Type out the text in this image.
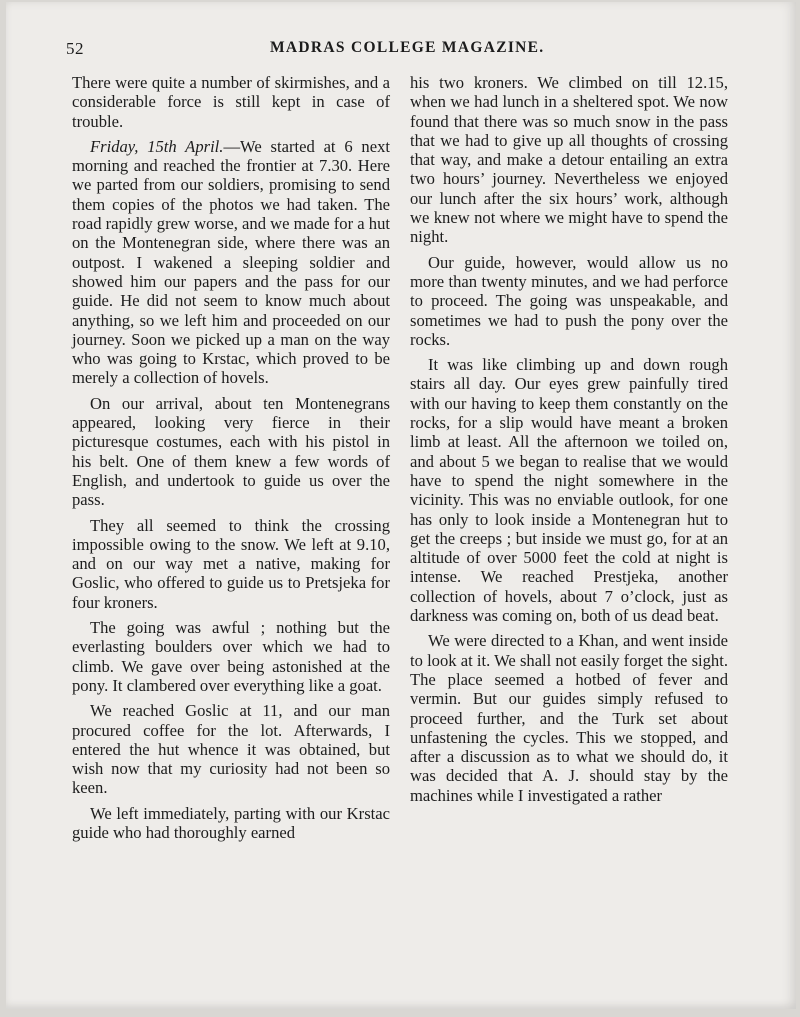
52	MADRAS COLLEGE MAGAZINE.

There were quite a number of skirmishes, and a considerable force is still kept in case of trouble.

Friday, 15th April.—We started at 6 next morning and reached the frontier at 7.30. Here we parted from our soldiers, promising to send them copies of the photos we had taken. The road rapidly grew worse, and we made for a hut on the Montenegran side, where there was an outpost. I wakened a sleeping soldier and showed him our papers and the pass for our guide. He did not seem to know much about anything, so we left him and proceeded on our journey. Soon we picked up a man on the way who was going to Krstac, which proved to be merely a collection of hovels.

On our arrival, about ten Montenegrans appeared, looking very fierce in their picturesque costumes, each with his pistol in his belt. One of them knew a few words of English, and undertook to guide us over the pass.

They all seemed to think the crossing impossible owing to the snow. We left at 9.10, and on our way met a native, making for Goslic, who offered to guide us to Pretsjeka for four kroners.

The going was awful ; nothing but the everlasting boulders over which we had to climb. We gave over being astonished at the pony. It clambered over everything like a goat.

We reached Goslic at 11, and our man procured coffee for the lot. Afterwards, I entered the hut whence it was obtained, but wish now that my curiosity had not been so keen.

We left immediately, parting with our Krstac guide who had thoroughly earned

his two kroners. We climbed on till 12.15, when we had lunch in a sheltered spot. We now found that there was so much snow in the pass that we had to give up all thoughts of crossing that way, and make a detour entailing an extra two hours’ journey. Nevertheless we enjoyed our lunch after the six hours’ work, although we knew not where we might have to spend the night.

Our guide, however, would allow us no more than twenty minutes, and we had perforce to proceed. The going was unspeakable, and sometimes we had to push the pony over the rocks.

It was like climbing up and down rough stairs all day. Our eyes grew painfully tired with our having to keep them constantly on the rocks, for a slip would have meant a broken limb at least. All the afternoon we toiled on, and about 5 we began to realise that we would have to spend the night somewhere in the vicinity. This was no enviable outlook, for one has only to look inside a Montenegran hut to get the creeps ; but inside we must go, for at an altitude of over 5000 feet the cold at night is intense. We reached Prestjeka, another collection of hovels, about 7 o’clock, just as darkness was coming on, both of us dead beat.

We were directed to a Khan, and went inside to look at it. We shall not easily forget the sight. The place seemed a hotbed of fever and vermin. But our guides simply refused to proceed further, and the Turk set about unfastening the cycles. This we stopped, and after a discussion as to what we should do, it was decided that A. J. should stay by the machines while I investigated a rather
